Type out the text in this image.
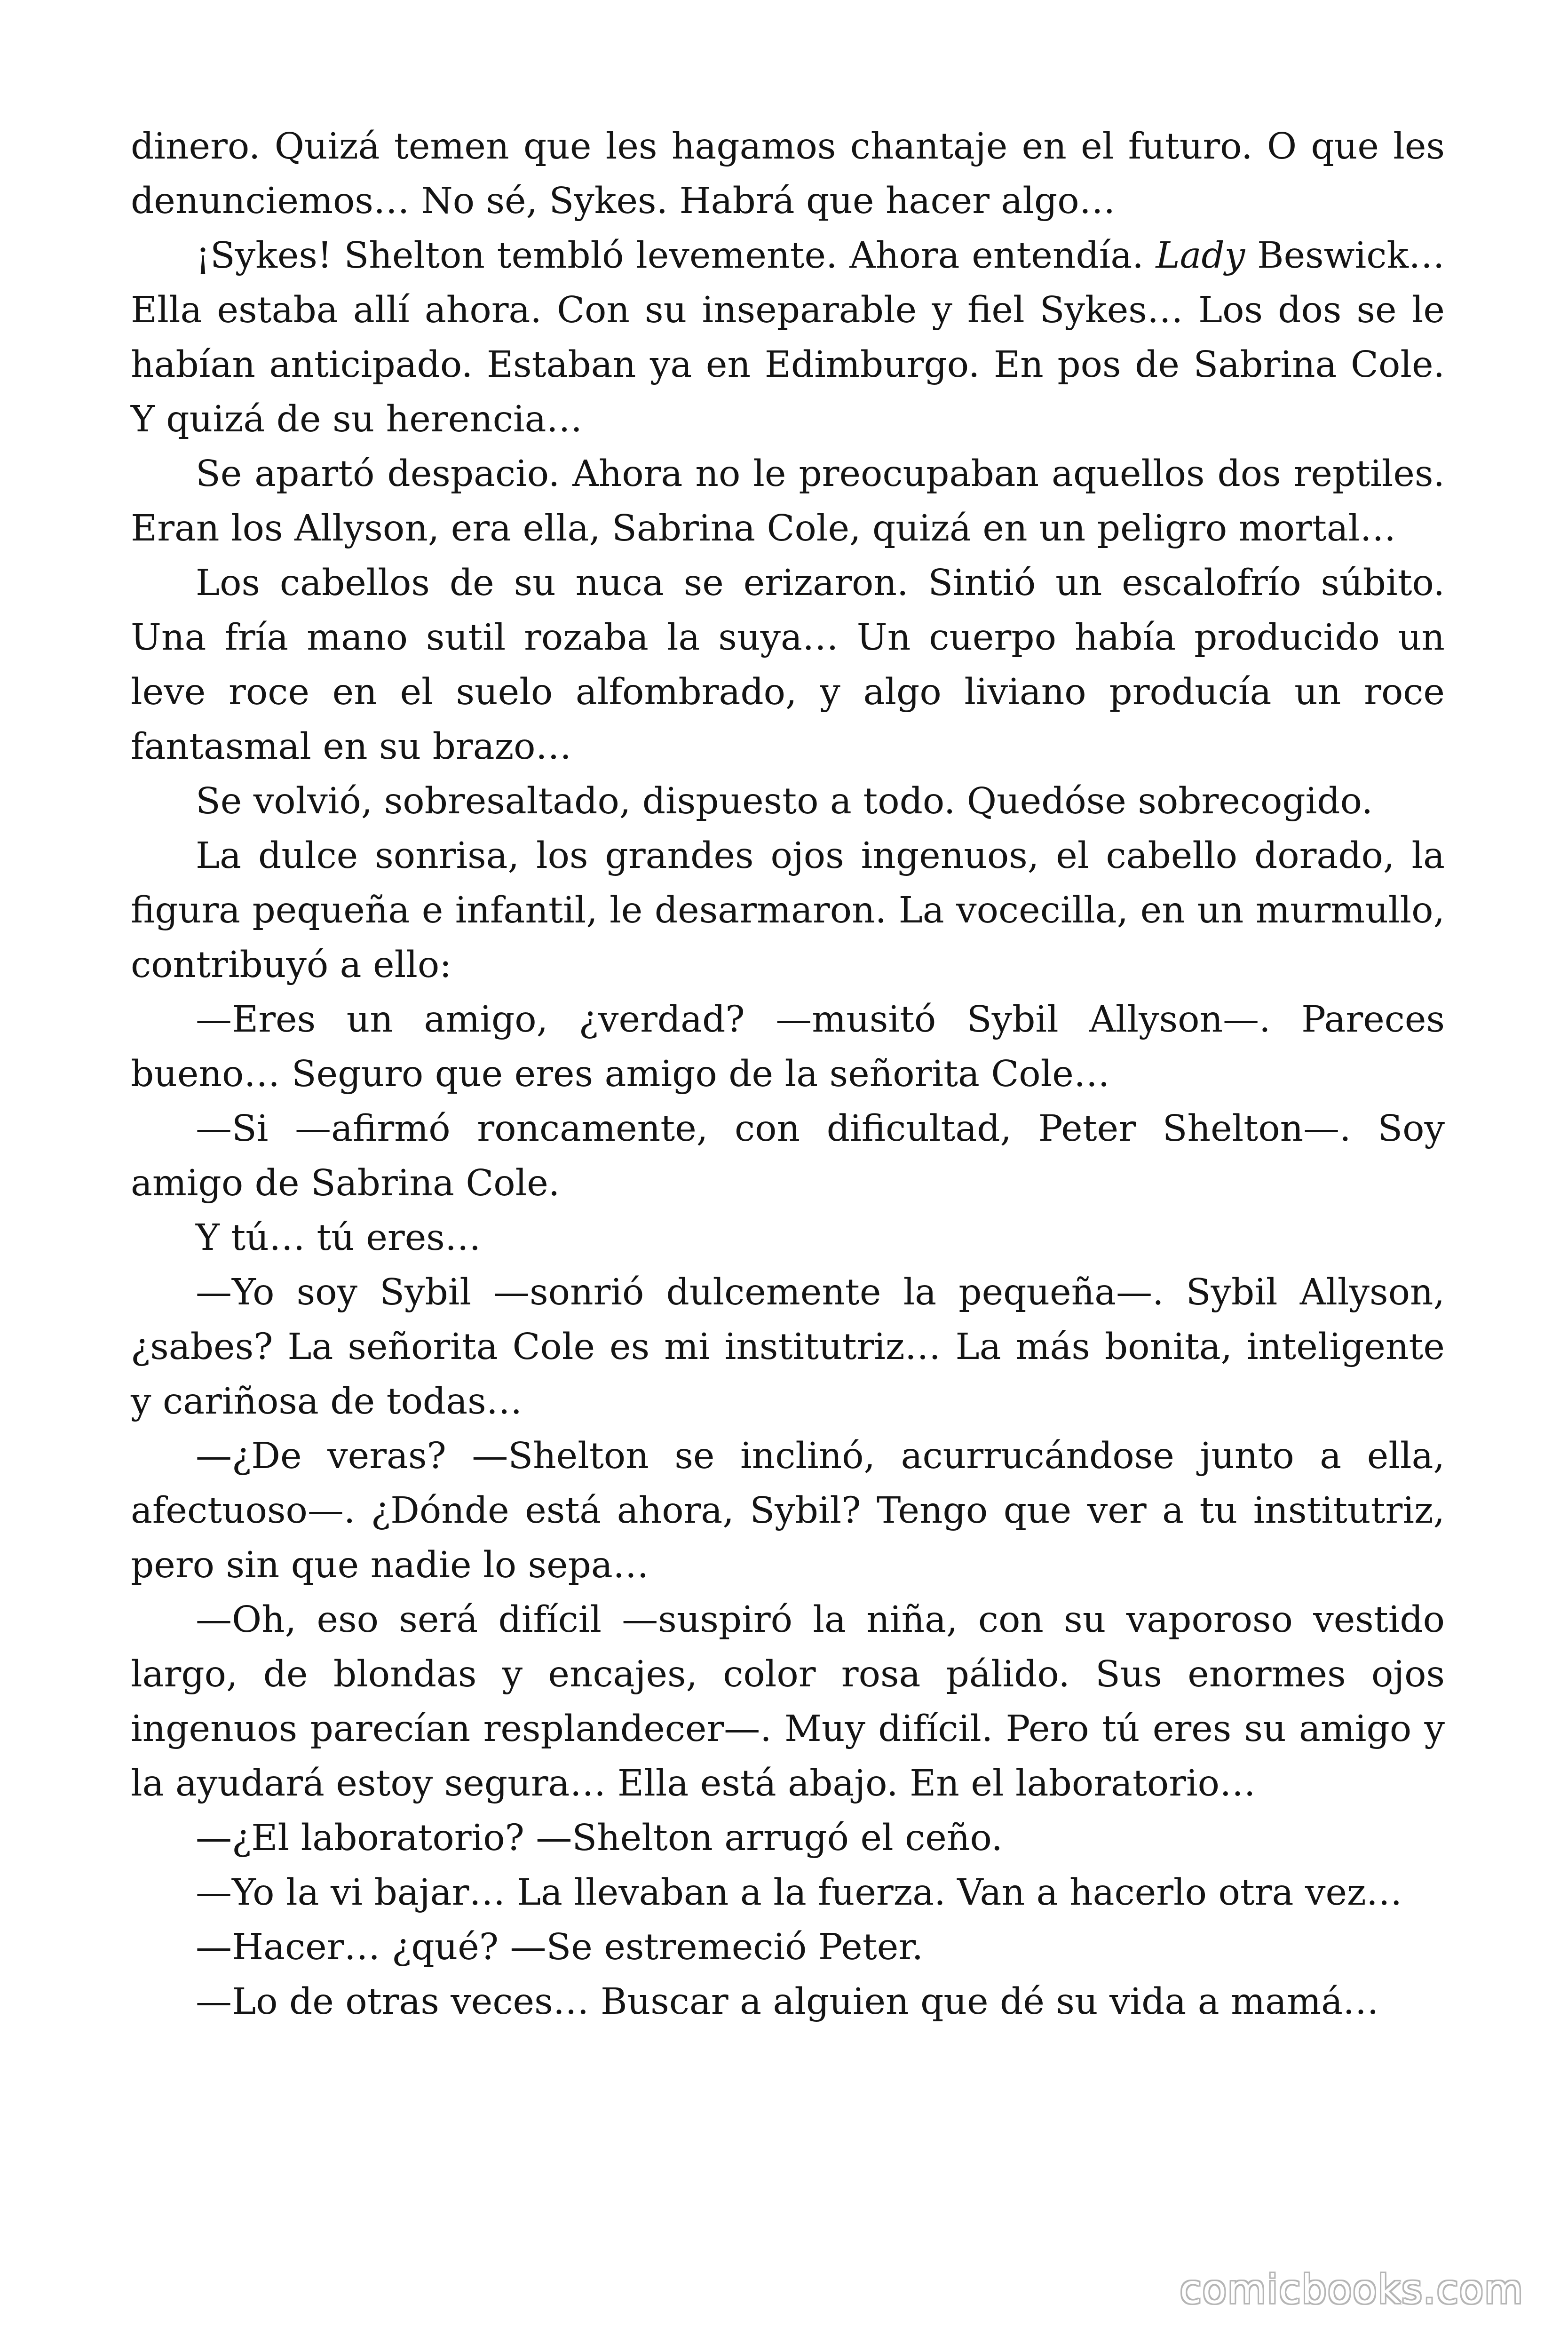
dinero. Quizá temen que les hagamos chantaje en el futuro. O que les denunciemos… No sé, Sykes. Habrá que hacer algo…

¡Sykes! Shelton tembló levemente. Ahora entendía. Lady Beswick… Ella estaba allí ahora. Con su inseparable y fiel Sykes… Los dos se le habían anticipado. Estaban ya en Edimburgo. En pos de Sabrina Cole. Y quizá de su herencia…

Se apartó despacio. Ahora no le preocupaban aquellos dos reptiles. Eran los Allyson, era ella, Sabrina Cole, quizá en un peligro mortal…

Los cabellos de su nuca se erizaron. Sintió un escalofrío súbito. Una fría mano sutil rozaba la suya… Un cuerpo había producido un leve roce en el suelo alfombrado, y algo liviano producía un roce fantasmal en su brazo…

Se volvió, sobresaltado, dispuesto a todo. Quedóse sobrecogido.

La dulce sonrisa, los grandes ojos ingenuos, el cabello dorado, la figura pequeña e infantil, le desarmaron. La vocecilla, en un murmullo, contribuyó a ello:

—Eres un amigo, ¿verdad? —musitó Sybil Allyson—. Pareces bueno… Seguro que eres amigo de la señorita Cole…

—Si —afirmó roncamente, con dificultad, Peter Shelton—. Soy amigo de Sabrina Cole.

Y tú… tú eres…

—Yo soy Sybil —sonrió dulcemente la pequeña—. Sybil Allyson, ¿sabes? La señorita Cole es mi institutriz… La más bonita, inteligente y cariñosa de todas…

—¿De veras? —Shelton se inclinó, acurrucándose junto a ella, afectuoso—. ¿Dónde está ahora, Sybil? Tengo que ver a tu institutriz, pero sin que nadie lo sepa…

—Oh, eso será difícil —suspiró la niña, con su vaporoso vestido largo, de blondas y encajes, color rosa pálido. Sus enormes ojos ingenuos parecían resplandecer—. Muy difícil. Pero tú eres su amigo y la ayudará estoy segura… Ella está abajo. En el laboratorio…

—¿El laboratorio? —Shelton arrugó el ceño.

—Yo la vi bajar… La llevaban a la fuerza. Van a hacerlo otra vez…

—Hacer… ¿qué? —Se estremeció Peter.

—Lo de otras veces… Buscar a alguien que dé su vida a mamá…

comicbooks.com
